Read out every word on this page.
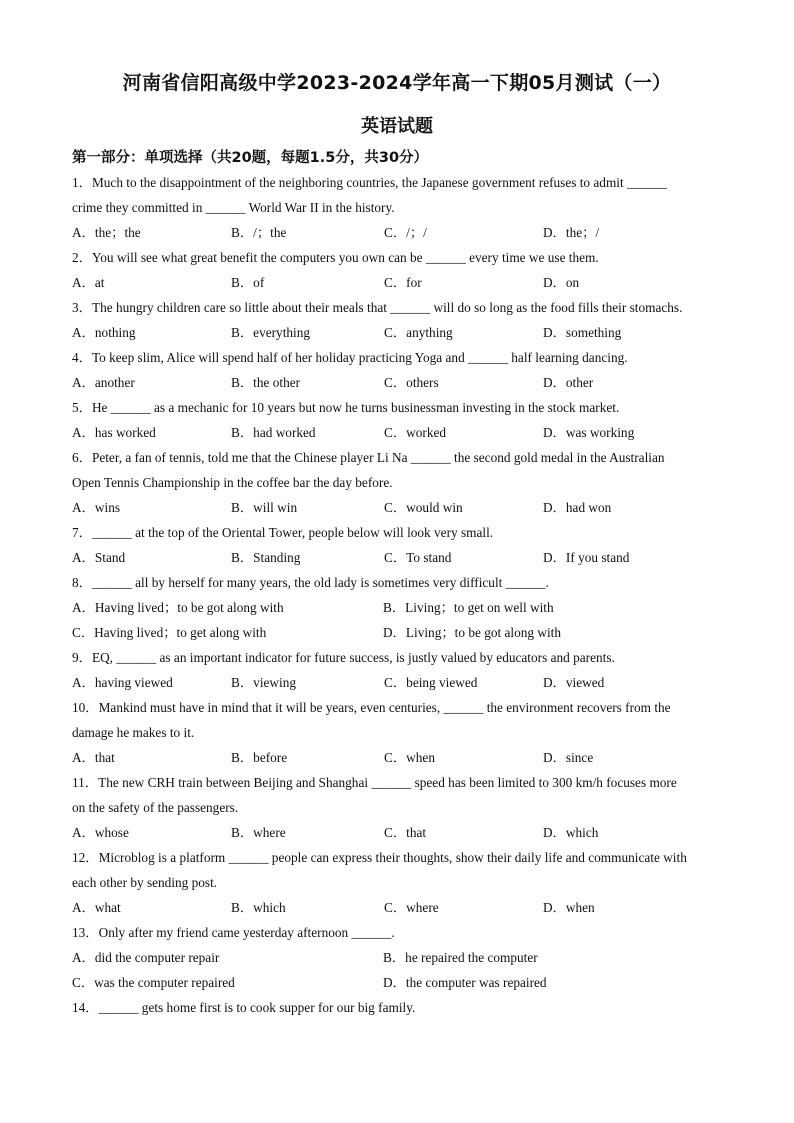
河南省信阳高级中学2023-2024学年高一下期05月测试（一）
英语试题
第一部分：单项选择（共20题，每题1.5分，共30分）
1．Much to the disappointment of the neighboring countries, the Japanese government refuses to admit ______
crime they committed in ______ World War II in the history.
A．the；the	B．/；the	C．/；/	D．the；/
2．You will see what great benefit the computers you own can be ______ every time we use them.
A．at	B．of	C．for	D．on
3．The hungry children care so little about their meals that ______ will do so long as the food fills their stomachs.
A．nothing	B．everything	C．anything	D．something
4．To keep slim, Alice will spend half of her holiday practicing Yoga and ______ half learning dancing.
A．another	B．the other	C．others	D．other
5．He ______ as a mechanic for 10 years but now he turns businessman investing in the stock market.
A．has worked	B．had worked	C．worked	D．was working
6．Peter, a fan of tennis, told me that the Chinese player Li Na ______ the second gold medal in the Australian
Open Tennis Championship in the coffee bar the day before.
A．wins	B．will win	C．would win	D．had won
7．______ at the top of the Oriental Tower, people below will look very small.
A．Stand	B．Standing	C．To stand	D．If you stand
8．______ all by herself for many years, the old lady is sometimes very difficult ______.
A．Having lived；to be got along with	B．Living；to get on well with
C．Having lived；to get along with	D．Living；to be got along with
9．EQ, ______ as an important indicator for future success, is justly valued by educators and parents.
A．having viewed	B．viewing	C．being viewed	D．viewed
10．Mankind must have in mind that it will be years, even centuries, ______ the environment recovers from the
damage he makes to it.
A．that	B．before	C．when	D．since
11．The new CRH train between Beijing and Shanghai ______ speed has been limited to 300 km/h focuses more
on the safety of the passengers.
A．whose	B．where	C．that	D．which
12．Microblog is a platform ______ people can express their thoughts, show their daily life and communicate with
each other by sending post.
A．what	B．which	C．where	D．when
13．Only after my friend came yesterday afternoon ______.
A．did the computer repair	B．he repaired the computer
C．was the computer repaired	D．the computer was repaired
14．______ gets home first is to cook supper for our big family.
